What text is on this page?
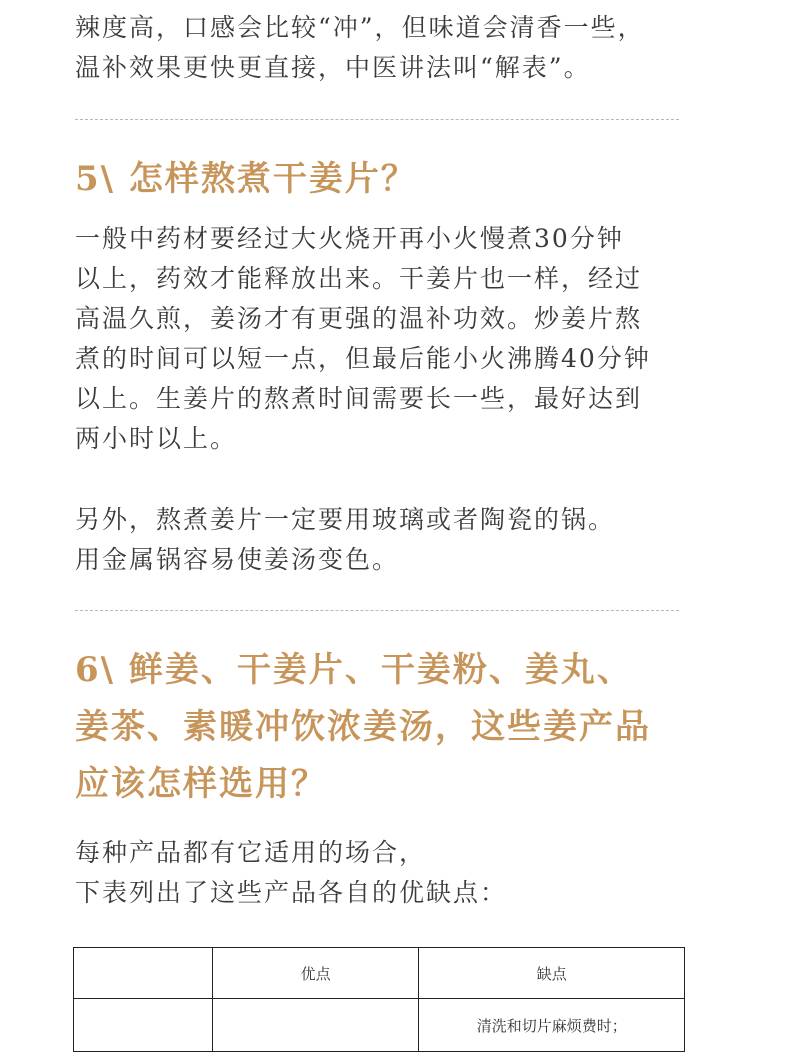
辣度高，口感会比较“冲”，但味道会清香一些，
温补效果更快更直接，中医讲法叫“解表”。

5\ 怎样熬煮干姜片？

一般中药材要经过大火烧开再小火慢煮30分钟
以上，药效才能释放出来。干姜片也一样，经过
高温久煎，姜汤才有更强的温补功效。炒姜片熬
煮的时间可以短一点，但最后能小火沸腾40分钟
以上。生姜片的熬煮时间需要长一些，最好达到
两小时以上。

另外，熬煮姜片一定要用玻璃或者陶瓷的锅。
用金属锅容易使姜汤变色。

6\ 鲜姜、干姜片、干姜粉、姜丸、
姜茶、素暖冲饮浓姜汤，这些姜产品
应该怎样选用？

每种产品都有它适用的场合，
下表列出了这些产品各自的优缺点：

	优点	缺点
		清洗和切片麻烦费时；
